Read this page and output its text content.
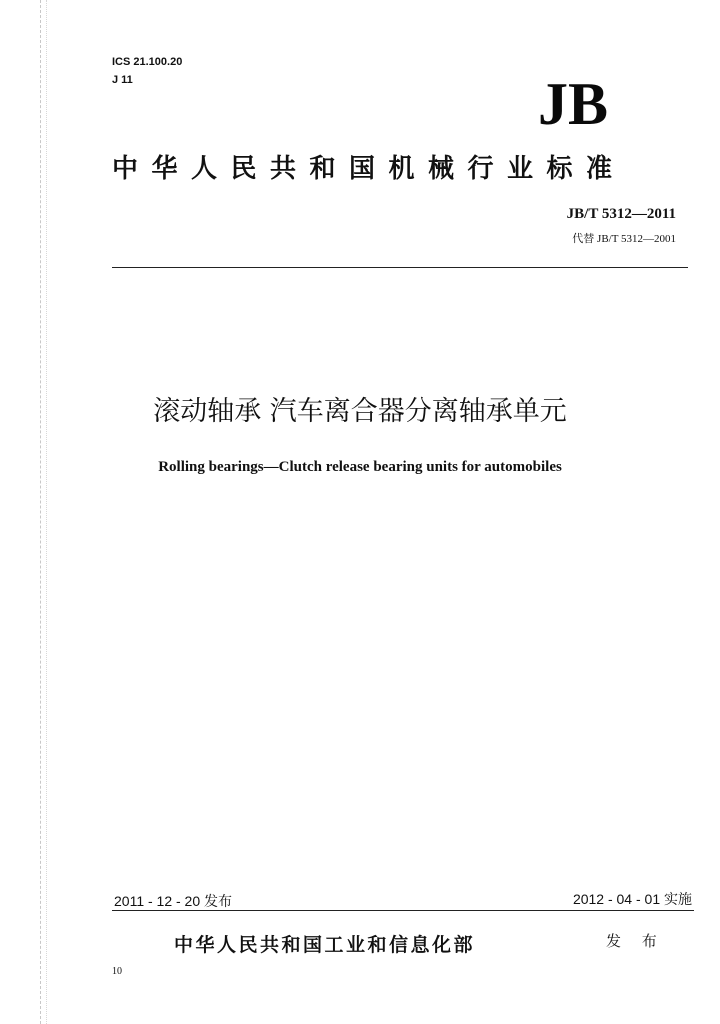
ICS 21.100.20
J 11	JB
中华人民共和国机械行业标准
JB/T 5312—2011
代替 JB/T 5312—2001
滚动轴承 汽车离合器分离轴承单元
Rolling bearings—Clutch release bearing units for automobiles
2011 - 12 - 20 发布	2012 - 04 - 01 实施
中华人民共和国工业和信息化部	发 布
10
